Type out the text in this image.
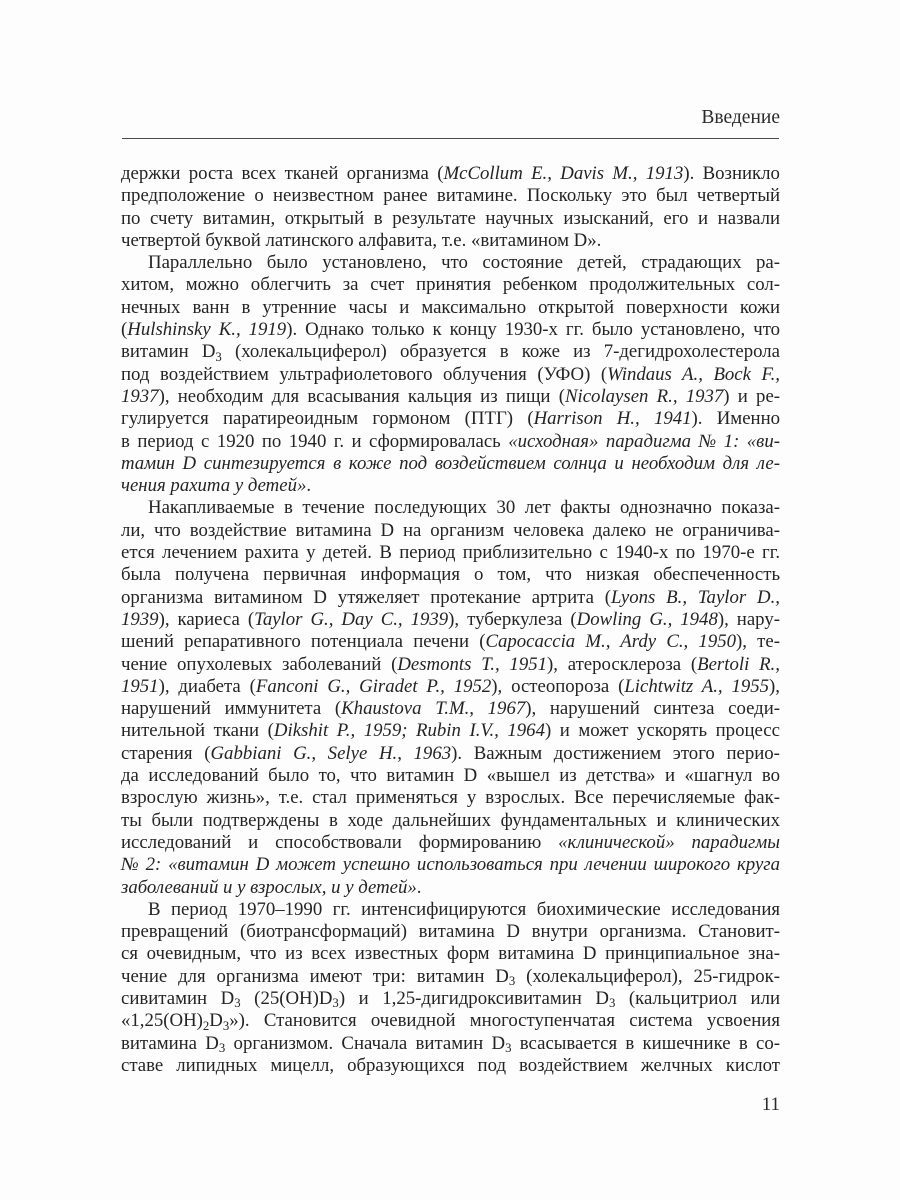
Введение
держки роста всех тканей организма (McCollum E., Davis M., 1913). Возникло
предположение о неизвестном ранее витамине. Поскольку это был четвертый
по счету витамин, открытый в результате научных изысканий, его и назвали
четвертой буквой латинского алфавита, т.е. «витамином D».
Параллельно было установлено, что состояние детей, страдающих ра-
хитом, можно облегчить за счет принятия ребенком продолжительных сол-
нечных ванн в утренние часы и максимально открытой поверхности кожи
(Hulshinsky K., 1919). Однако только к концу 1930-х гг. было установлено, что
витамин D3 (холекальциферол) образуется в коже из 7-дегидрохолестерола
под воздействием ультрафиолетового облучения (УФО) (Windaus A., Bock F.,
1937), необходим для всасывания кальция из пищи (Nicolaysen R., 1937) и ре-
гулируется паратиреоидным гормоном (ПТГ) (Harrison H., 1941). Именно
в период с 1920 по 1940 г. и сформировалась «исходная» парадигма № 1: «ви-
тамин D синтезируется в коже под воздействием солнца и необходим для ле-
чения рахита у детей».
Накапливаемые в течение последующих 30 лет факты однозначно показа-
ли, что воздействие витамина D на организм человека далеко не ограничива-
ется лечением рахита у детей. В период приблизительно с 1940-х по 1970-е гг.
была получена первичная информация о том, что низкая обеспеченность
организма витамином D утяжеляет протекание артрита (Lyons B., Taylor D.,
1939), кариеса (Taylor G., Day C., 1939), туберкулеза (Dowling G., 1948), нару-
шений репаративного потенциала печени (Capocaccia M., Ardy C., 1950), те-
чение опухолевых заболеваний (Desmonts T., 1951), атеросклероза (Bertoli R.,
1951), диабета (Fanconi G., Giradet P., 1952), остеопороза (Lichtwitz A., 1955),
нарушений иммунитета (Khaustova T.M., 1967), нарушений синтеза соеди-
нительной ткани (Dikshit P., 1959; Rubin I.V., 1964) и может ускорять процесс
старения (Gabbiani G., Selye H., 1963). Важным достижением этого перио-
да исследований было то, что витамин D «вышел из детства» и «шагнул во
взрослую жизнь», т.е. стал применяться у взрослых. Все перечисляемые фак-
ты были подтверждены в ходе дальнейших фундаментальных и клинических
исследований и способствовали формированию «клинической» парадигмы
№ 2: «витамин D может успешно использоваться при лечении широкого круга
заболеваний и у взрослых, и у детей».
В период 1970–1990 гг. интенсифицируются биохимические исследования
превращений (биотрансформаций) витамина D внутри организма. Становит-
ся очевидным, что из всех известных форм витамина D принципиальное зна-
чение для организма имеют три: витамин D3 (холекальциферол), 25-гидрок-
сивитамин D3 (25(OH)D3) и 1,25-дигидроксивитамин D3 (кальцитриол или
«1,25(OH)2D3»). Становится очевидной многоступенчатая система усвоения
витамина D3 организмом. Сначала витамин D3 всасывается в кишечнике в со-
ставе липидных мицелл, образующихся под воздействием желчных кислот
11
